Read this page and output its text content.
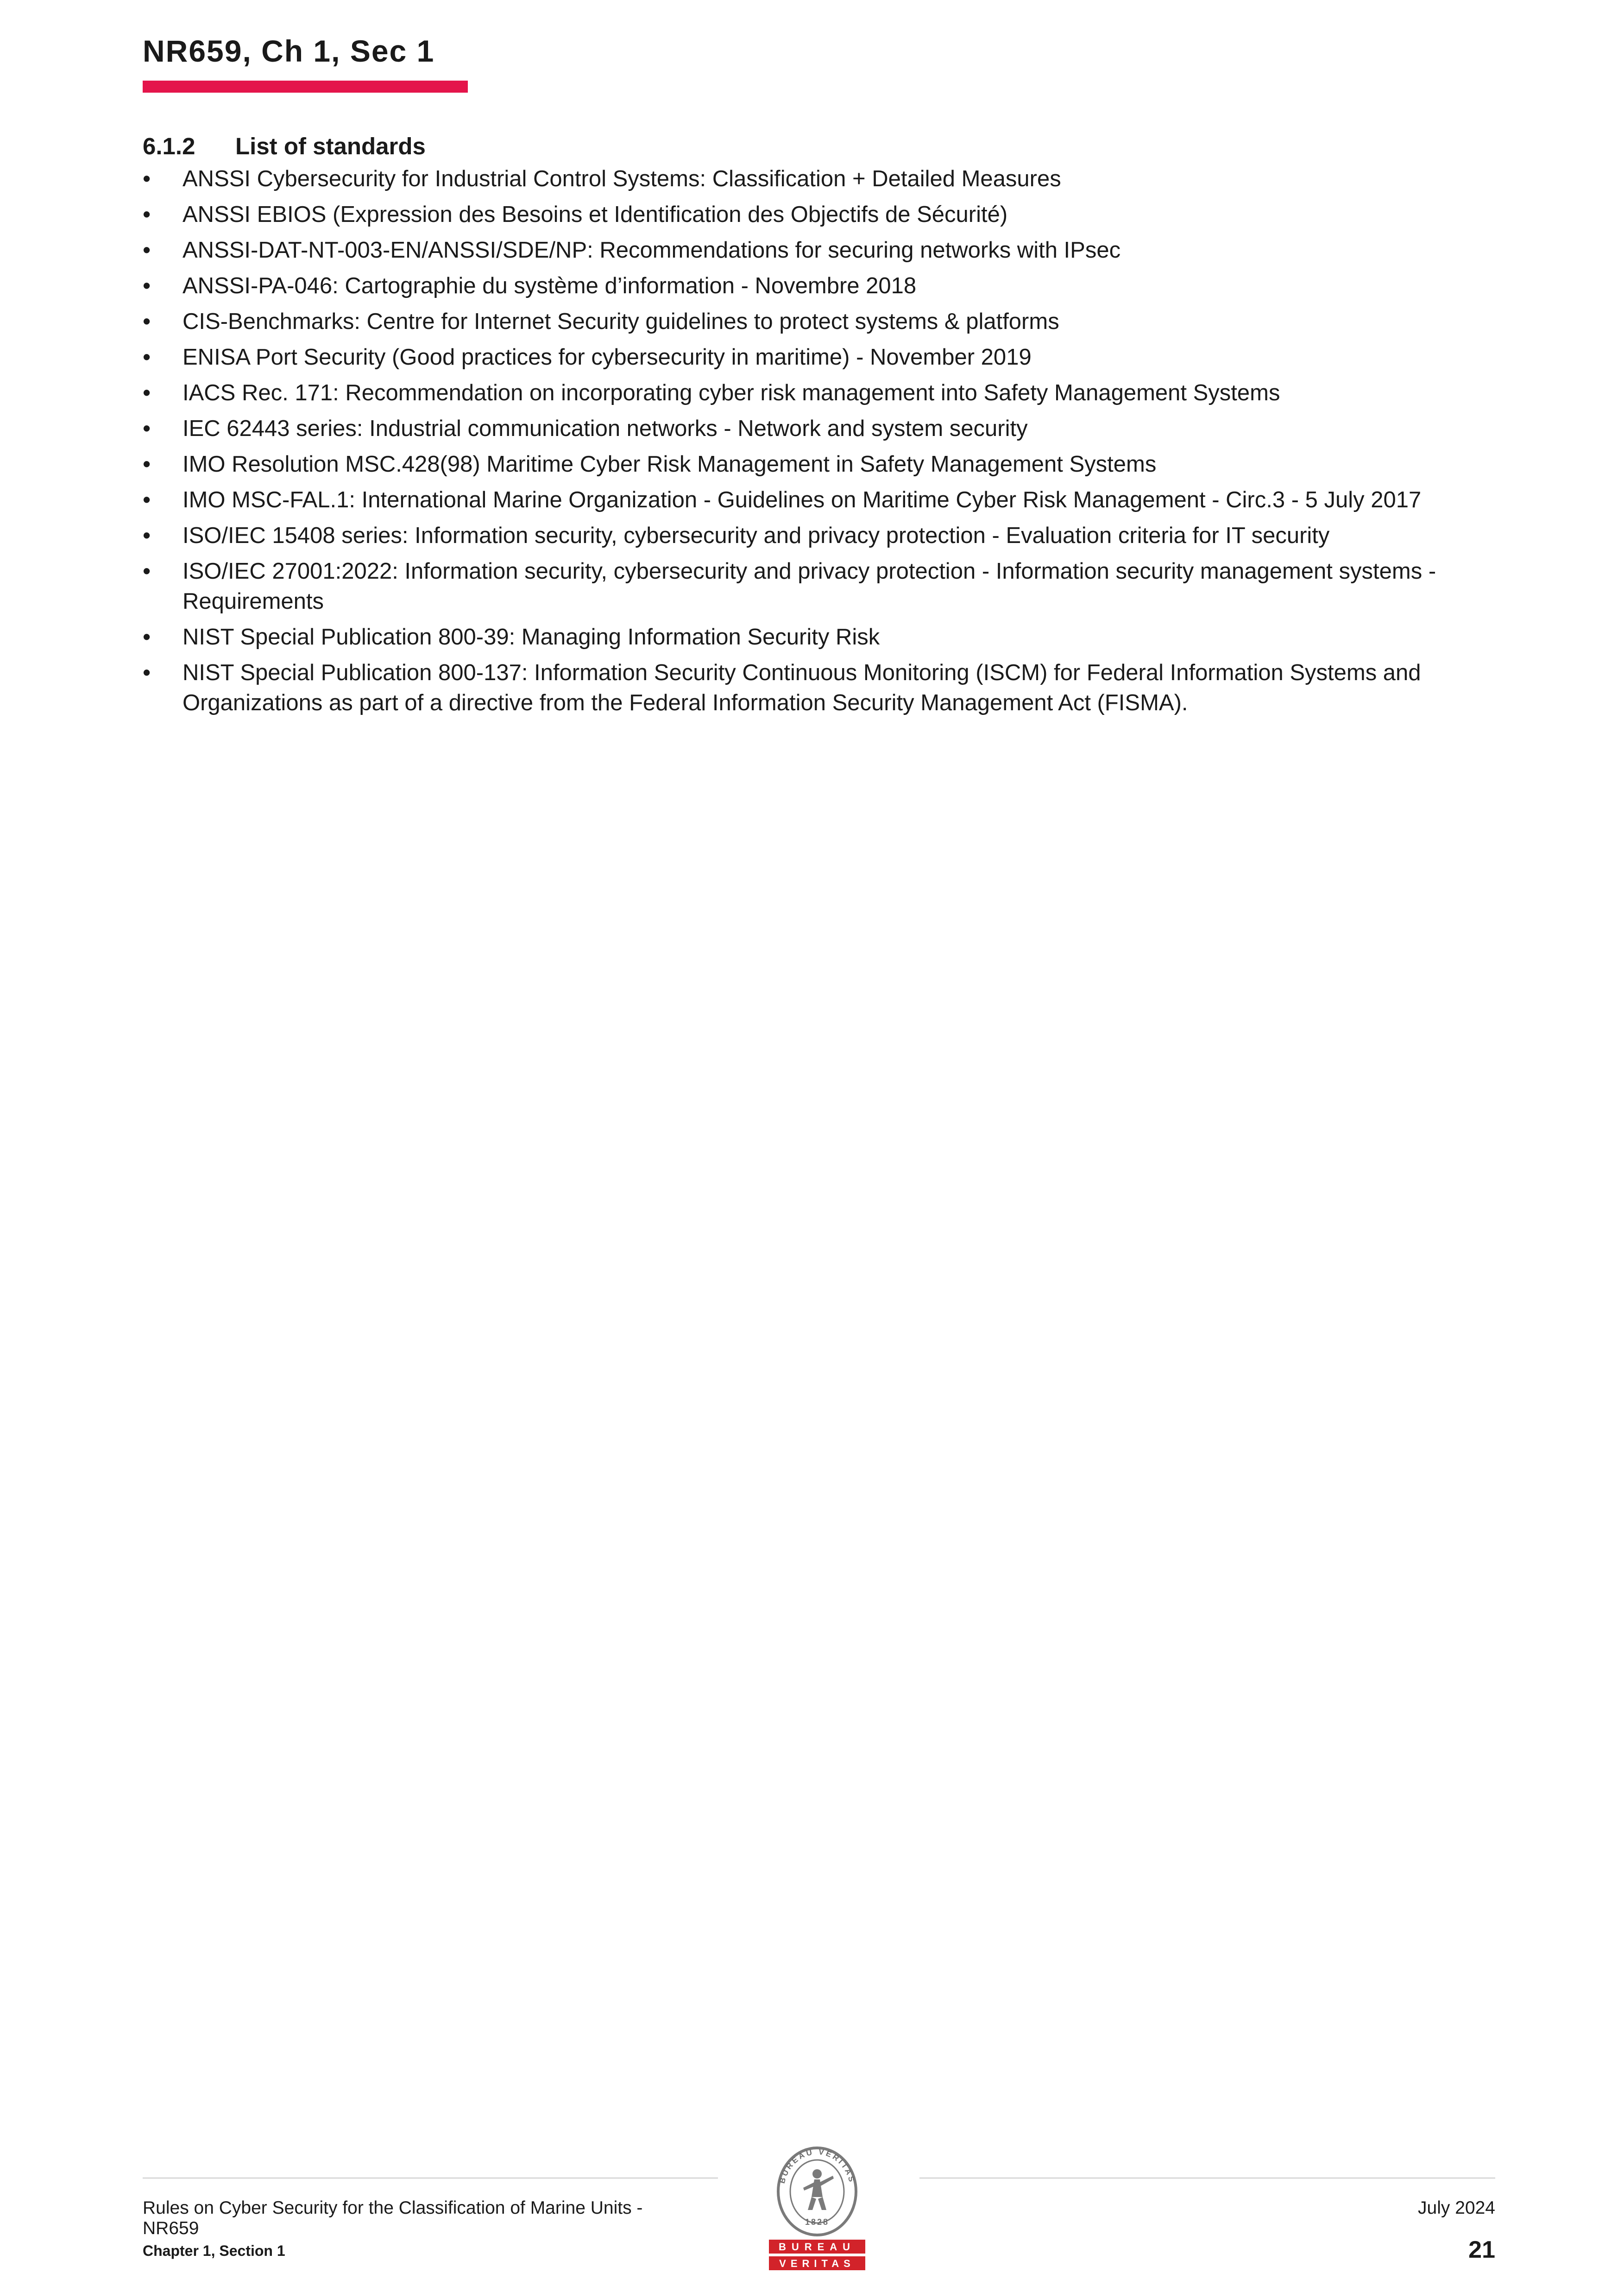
NR659, Ch 1, Sec 1
6.1.2 List of standards
•	ANSSI Cybersecurity for Industrial Control Systems: Classification + Detailed Measures
•	ANSSI EBIOS (Expression des Besoins et Identification des Objectifs de Sécurité)
•	ANSSI-DAT-NT-003-EN/ANSSI/SDE/NP: Recommendations for securing networks with IPsec
•	ANSSI-PA-046: Cartographie du système d’information - Novembre 2018
•	CIS-Benchmarks: Centre for Internet Security guidelines to protect systems & platforms
•	ENISA Port Security (Good practices for cybersecurity in maritime) - November 2019
•	IACS Rec. 171: Recommendation on incorporating cyber risk management into Safety Management Systems
•	IEC 62443 series: Industrial communication networks - Network and system security
•	IMO Resolution MSC.428(98) Maritime Cyber Risk Management in Safety Management Systems
•	IMO MSC-FAL.1: International Marine Organization - Guidelines on Maritime Cyber Risk Management - Circ.3 - 5 July 2017
•	ISO/IEC 15408 series: Information security, cybersecurity and privacy protection - Evaluation criteria for IT security
•	ISO/IEC 27001:2022: Information security, cybersecurity and privacy protection - Information security management systems - Requirements
•	NIST Special Publication 800-39: Managing Information Security Risk
•	NIST Special Publication 800-137: Information Security Continuous Monitoring (ISCM) for Federal Information Systems and Organizations as part of a directive from the Federal Information Security Management Act (FISMA).
Rules on Cyber Security for the Classification of Marine Units -
NR659
Chapter 1, Section 1
July 2024
21
BUREAU VERITAS
1828
BUREAU
VERITAS
